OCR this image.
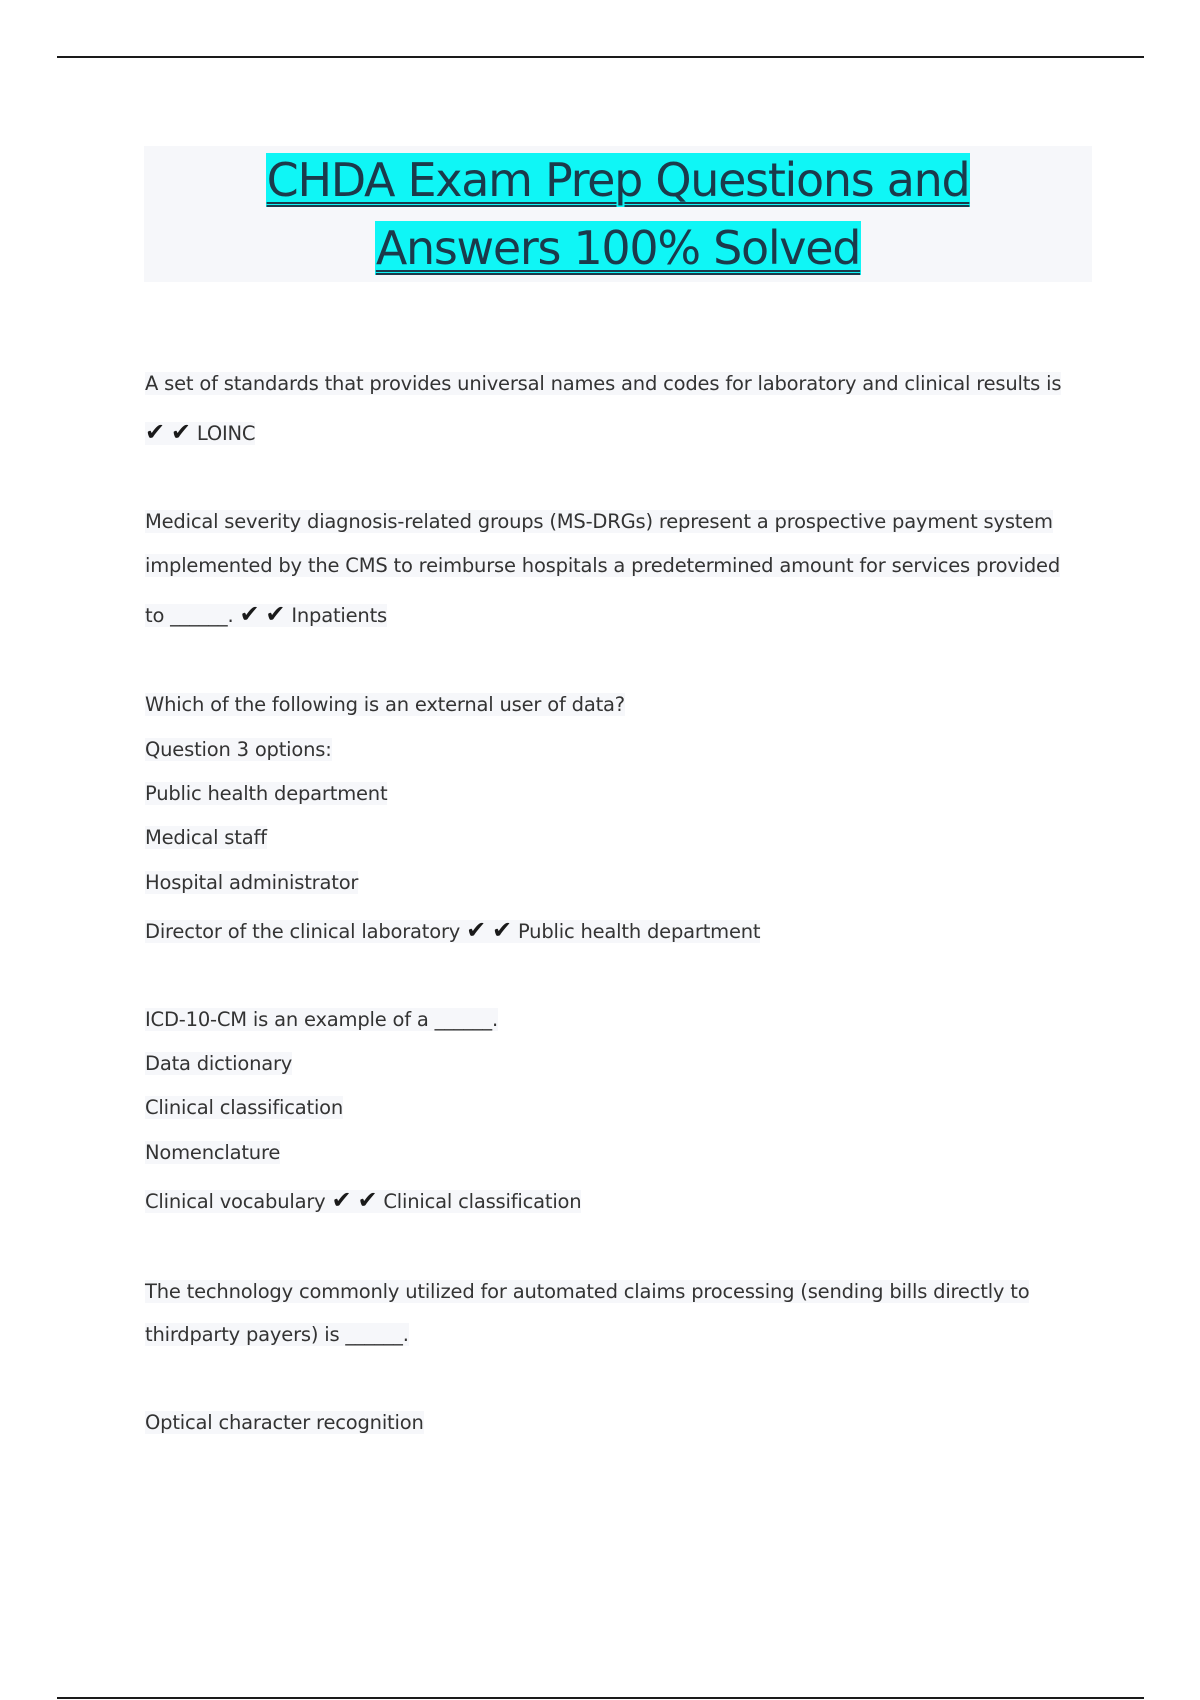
CHDA Exam Prep Questions and
Answers 100% Solved
A set of standards that provides universal names and codes for laboratory and clinical results is
✔ ✔ LOINC
Medical severity diagnosis-related groups (MS-DRGs) represent a prospective payment system
implemented by the CMS to reimburse hospitals a predetermined amount for services provided
to ______. ✔ ✔ Inpatients
Which of the following is an external user of data?
Question 3 options:
Public health department
Medical staff
Hospital administrator
Director of the clinical laboratory ✔ ✔ Public health department
ICD-10-CM is an example of a ______.
Data dictionary
Clinical classification
Nomenclature
Clinical vocabulary ✔ ✔ Clinical classification
The technology commonly utilized for automated claims processing (sending bills directly to
thirdparty payers) is ______.
Optical character recognition
